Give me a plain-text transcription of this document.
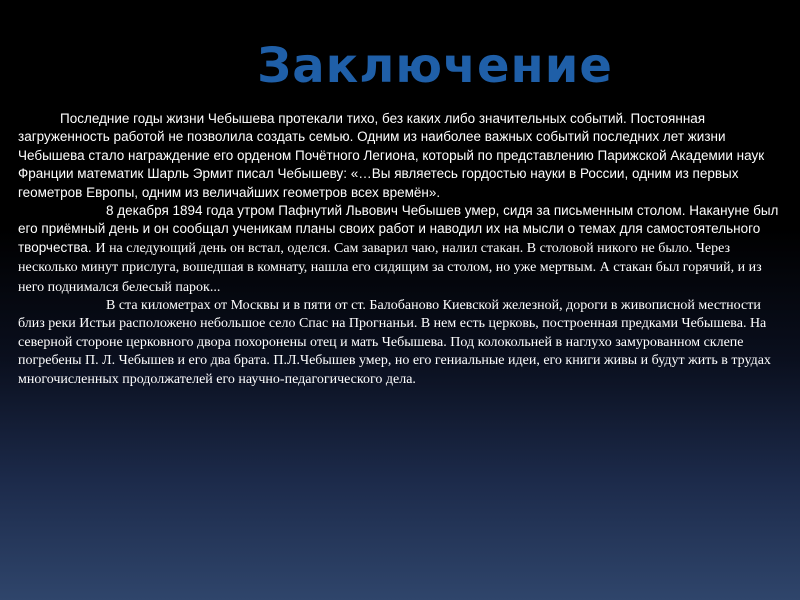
Заключение

Последние годы жизни Чебышева протекали тихо, без каких либо значительных событий. Постоянная загруженность работой не позволила создать семью. Одним из наиболее важных событий последних лет жизни Чебышева стало награждение его орденом Почётного Легиона, который по представлению Парижской Академии наук Франции математик Шарль Эрмит писал Чебышеву: «…Вы являетесь гордостью науки в России, одним из первых геометров Европы, одним из величайших геометров всех времён».

8 декабря 1894 года утром Пафнутий Львович Чебышев умер, сидя за письменным столом. Накануне был его приёмный день и он сообщал ученикам планы своих работ и наводил их на мысли о темах для самостоятельного творчества. И на следующий день он встал, оделся. Сам заварил чаю, налил стакан. В столовой никого не было. Через несколько минут прислуга, вошедшая в комнату, нашла его сидящим за столом, но уже мертвым. А стакан был горячий, и из него поднимался белесый парок...

В ста километрах от Москвы и в пяти от ст. Балобаново Киевской железной, дороги в живописной местности близ реки Истьи расположено небольшое село Спас на Прогнаньи. В нем есть церковь, построенная предками Чебышева. На северной стороне церковного двора похоронены отец и мать Чебышева. Под колокольней в наглухо замурованном склепе погребены П. Л. Чебышев и его два брата. П.Л.Чебышев умер, но его гениальные идеи, его книги живы и будут жить в трудах многочисленных продолжателей его научно-педагогического дела.
